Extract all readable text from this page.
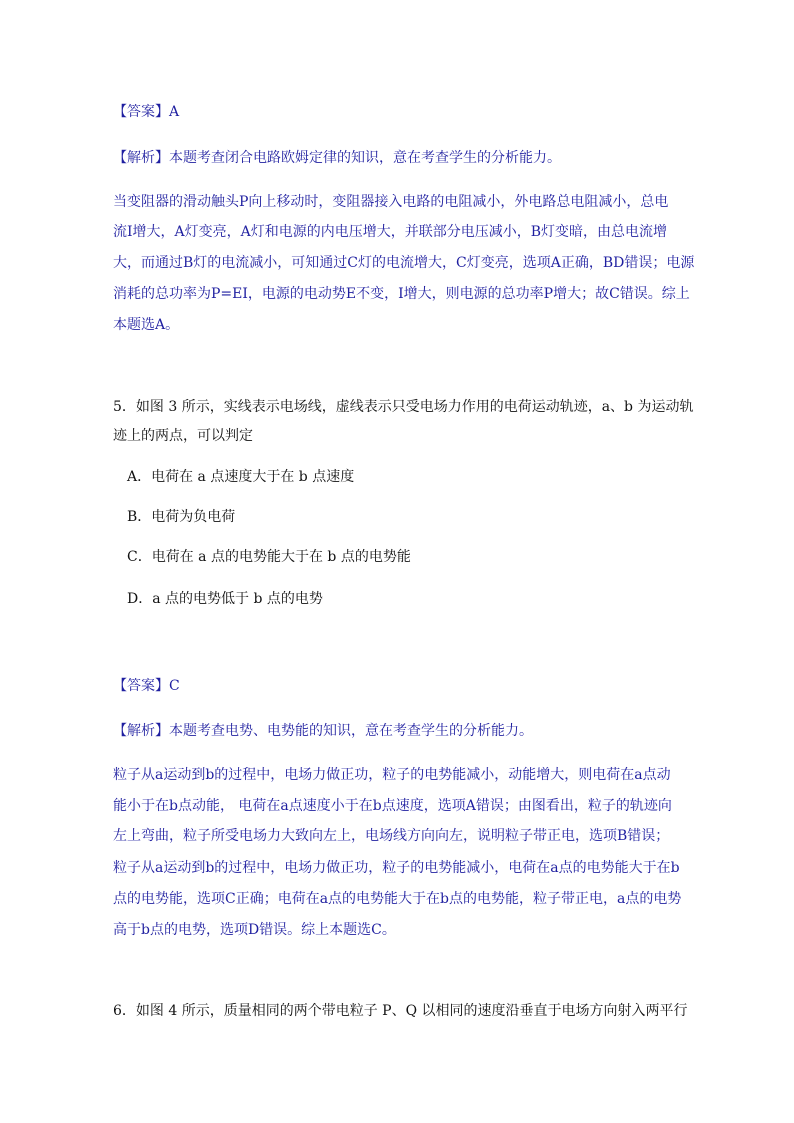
【答案】A
【解析】本题考查闭合电路欧姆定律的知识，意在考查学生的分析能力。
当变阻器的滑动触头P向上移动时，变阻器接入电路的电阻减小，外电路总电阻减小，总电
流I增大，A灯变亮，A灯和电源的内电压增大，并联部分电压减小，B灯变暗，由总电流增
大，而通过B灯的电流减小，可知通过C灯的电流增大，C灯变亮，选项A正确，BD错误；电源
消耗的总功率为P=EI，电源的电动势E不变，I增大，则电源的总功率P增大；故C错误。综上
本题选A。
5．如图 3 所示，实线表示电场线，虚线表示只受电场力作用的电荷运动轨迹，a、b 为运动轨
迹上的两点，可以判定
A．电荷在 a 点速度大于在 b 点速度
B．电荷为负电荷
C．电荷在 a 点的电势能大于在 b 点的电势能
D．a 点的电势低于 b 点的电势
【答案】C
【解析】本题考查电势、电势能的知识，意在考查学生的分析能力。
粒子从a运动到b的过程中，电场力做正功，粒子的电势能减小，动能增大，则电荷在a点动
能小于在b点动能， 电荷在a点速度小于在b点速度，选项A错误；由图看出，粒子的轨迹向
左上弯曲，粒子所受电场力大致向左上，电场线方向向左，说明粒子带正电，选项B错误；
粒子从a运动到b的过程中，电场力做正功，粒子的电势能减小，电荷在a点的电势能大于在b
点的电势能，选项C正确；电荷在a点的电势能大于在b点的电势能，粒子带正电，a点的电势
高于b点的电势，选项D错误。综上本题选C。
6．如图 4 所示，质量相同的两个带电粒子 P、Q 以相同的速度沿垂直于电场方向射入两平行
